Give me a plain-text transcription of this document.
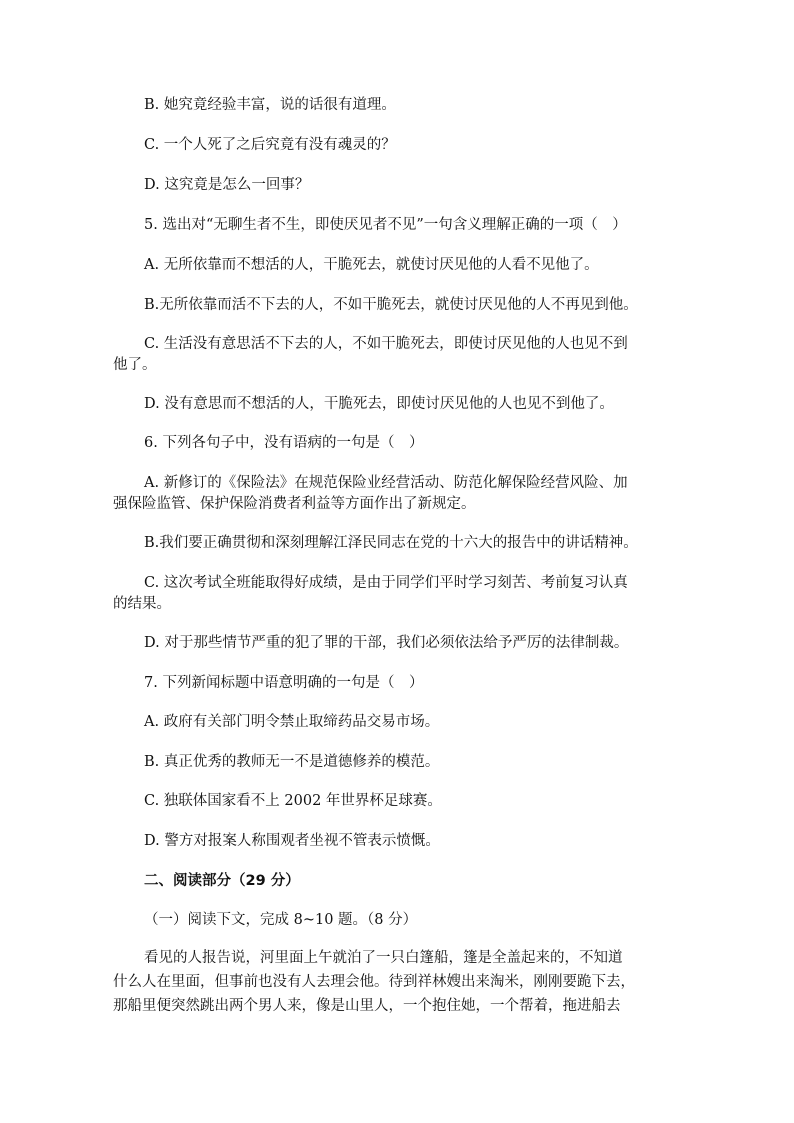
B. 她究竟经验丰富，说的话很有道理。
C. 一个人死了之后究竟有没有魂灵的？
D. 这究竟是怎么一回事？
5. 选出对“无聊生者不生，即使厌见者不见”一句含义理解正确的一项（　）
A. 无所依靠而不想活的人，干脆死去，就使讨厌见他的人看不见他了。
B.无所依靠而活不下去的人，不如干脆死去，就使讨厌见他的人不再见到他。
C. 生活没有意思活不下去的人，不如干脆死去，即使讨厌见他的人也见不到
他了。
D. 没有意思而不想活的人，干脆死去，即使讨厌见他的人也见不到他了。
6. 下列各句子中，没有语病的一句是（　）
A. 新修订的《保险法》在规范保险业经营活动、防范化解保险经营风险、加
强保险监管、保护保险消费者利益等方面作出了新规定。
B.我们要正确贯彻和深刻理解江泽民同志在党的十六大的报告中的讲话精神。
C. 这次考试全班能取得好成绩，是由于同学们平时学习刻苦、考前复习认真
的结果。
D. 对于那些情节严重的犯了罪的干部，我们必须依法给予严厉的法律制裁。
7. 下列新闻标题中语意明确的一句是（　）
A. 政府有关部门明令禁止取缔药品交易市场。
B. 真正优秀的教师无一不是道德修养的模范。
C. 独联体国家看不上 2002 年世界杯足球赛。
D. 警方对报案人称围观者坐视不管表示愤慨。
二、阅读部分（29 分）
（一）阅读下文，完成 8~10 题。（8 分）
看见的人报告说，河里面上午就泊了一只白篷船，篷是全盖起来的，不知道
什么人在里面，但事前也没有人去理会他。待到祥林嫂出来淘米，刚刚要跪下去，
那船里便突然跳出两个男人来，像是山里人，一个抱住她，一个帮着，拖进船去
